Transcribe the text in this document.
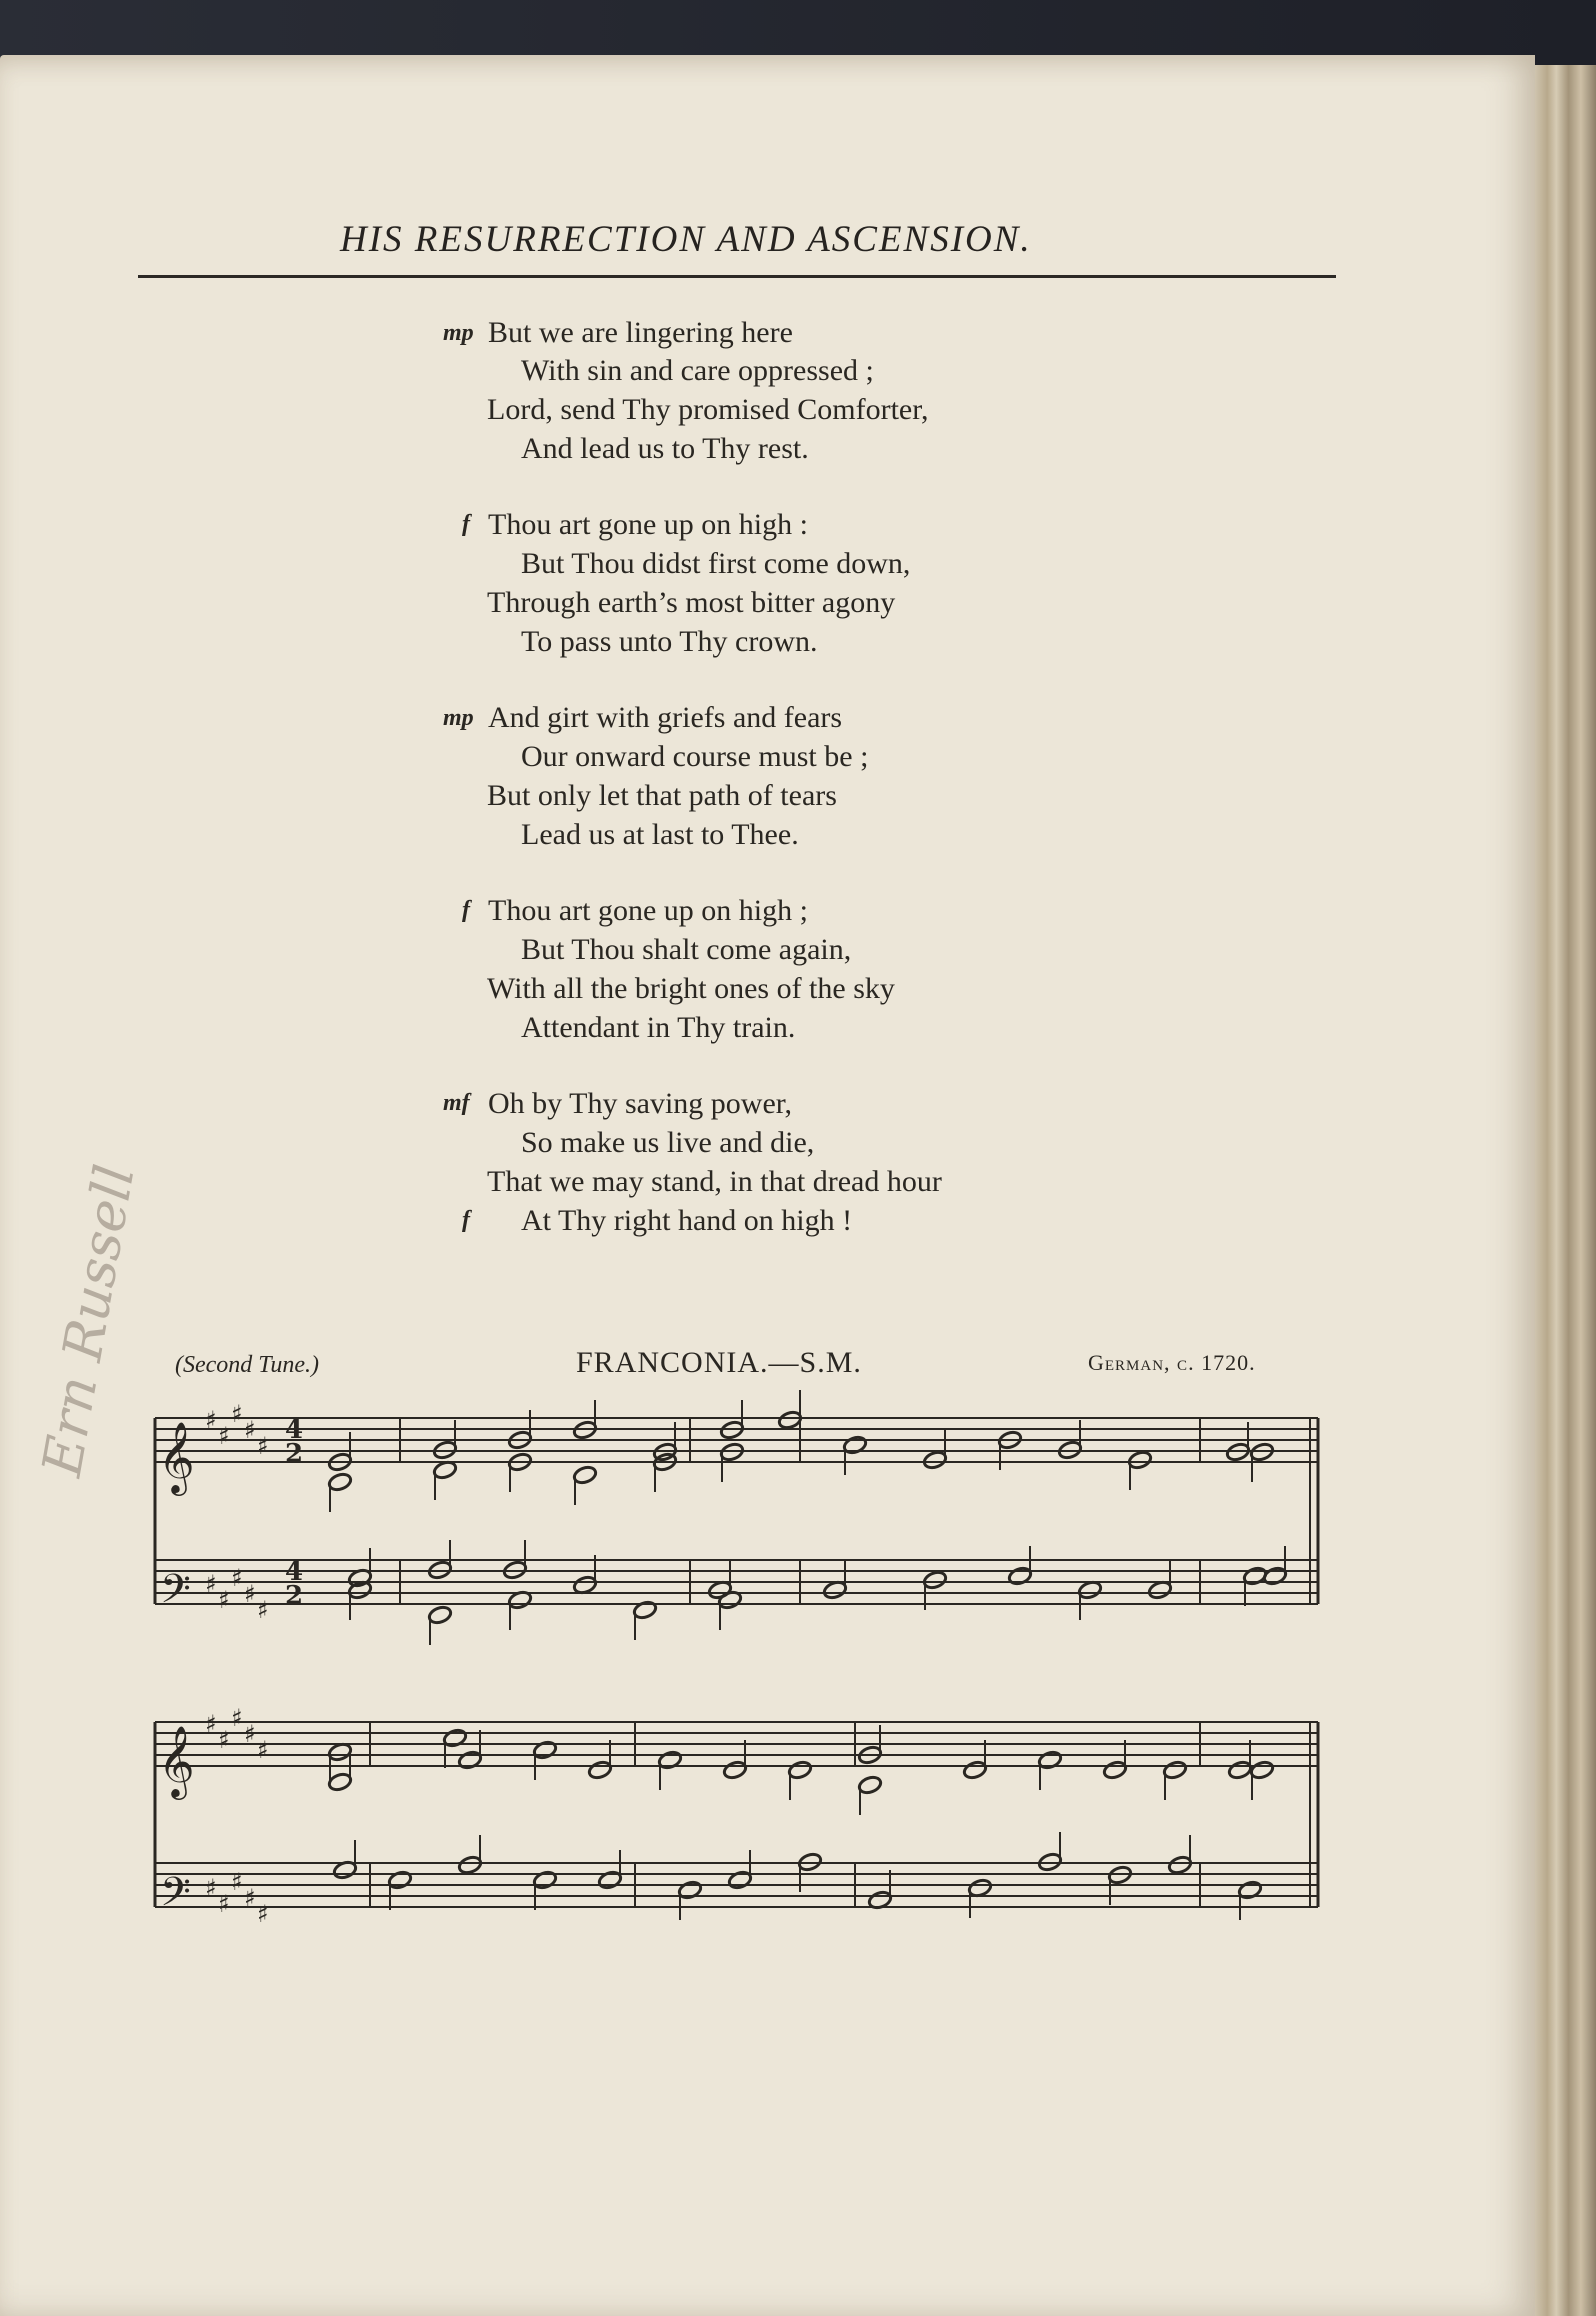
HIS RESURRECTION AND ASCENSION.
mp But we are lingering here
With sin and care oppressed ;
Lord, send Thy promised Comforter,
And lead us to Thy rest.
f Thou art gone up on high :
But Thou didst first come down,
Through earth’s most bitter agony
To pass unto Thy crown.
mp And girt with griefs and fears
Our onward course must be ;
But only let that path of tears
Lead us at last to Thee.
f Thou art gone up on high ;
But Thou shalt come again,
With all the bright ones of the sky
Attendant in Thy train.
mf Oh by Thy saving power,
So make us live and die,
That we may stand, in that dread hour
f At Thy right hand on high !
(Second Tune.)	FRANCONIA.—S.M.	German, c. 1720.
𝄞
𝄢
𝄞
𝄢
♯
♯
♯
♯
♯
♯
♯
♯
♯
♯
♯
♯
♯
♯
♯
♯
♯
♯
♯
♯
4
2
4
2
Ern Russell
